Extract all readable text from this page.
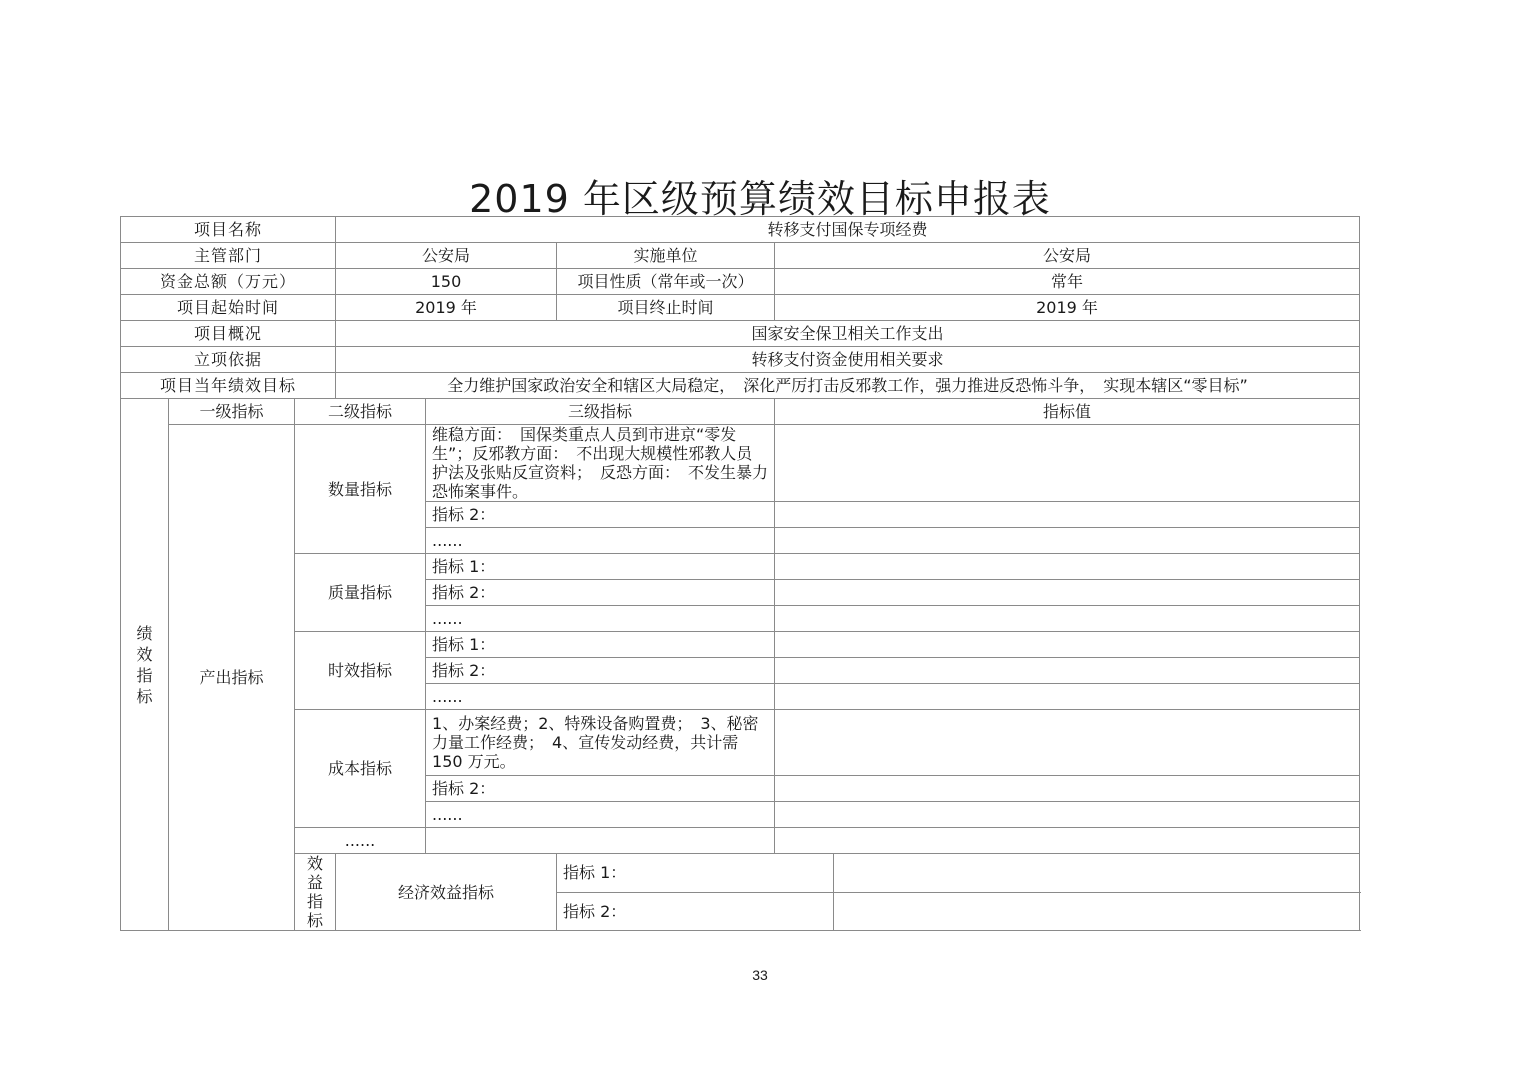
2019 年区级预算绩效目标申报表
项目名称			转移支付国保专项经费				
主管部门			公安局		实施单位	公安局	
资金总额（万元）			150		项目性质（常年或一次）	常年	
项目起始时间			2019 年		项目终止时间	2019 年	
项目概况			国家安全保卫相关工作支出				
立项依据			转移支付资金使用相关要求				
项目当年绩效目标			全力维护国家政治安全和辖区大局稳定，　深化严厉打击反邪教工作，强力推进反恐怖斗争，　实现本辖区“零目标”				
绩效指标	一级指标	二级指标		三级指标		指标值	
	产出指标	数量指标		维稳方面：　国保类重点人员到市进京“零发生”；反邪教方面：　不出现大规模性邪教人员护法及张贴反宣资料；　反恐方面：　不发生暴力恐怖案事件。			
				指标 2：			
				......			
		质量指标		指标 1：			
				指标 2：			
				......			
		时效指标		指标 1：			
				指标 2：			
				......			
		成本指标		1、办案经费；2、特殊设备购置费；　3、秘密力量工作经费；　4、宣传发动经费，共计需 150 万元。			
				指标 2：			
				......			
		......					
		效益指标	经济效益指标		指标 1：		
					指标 2：		
33
